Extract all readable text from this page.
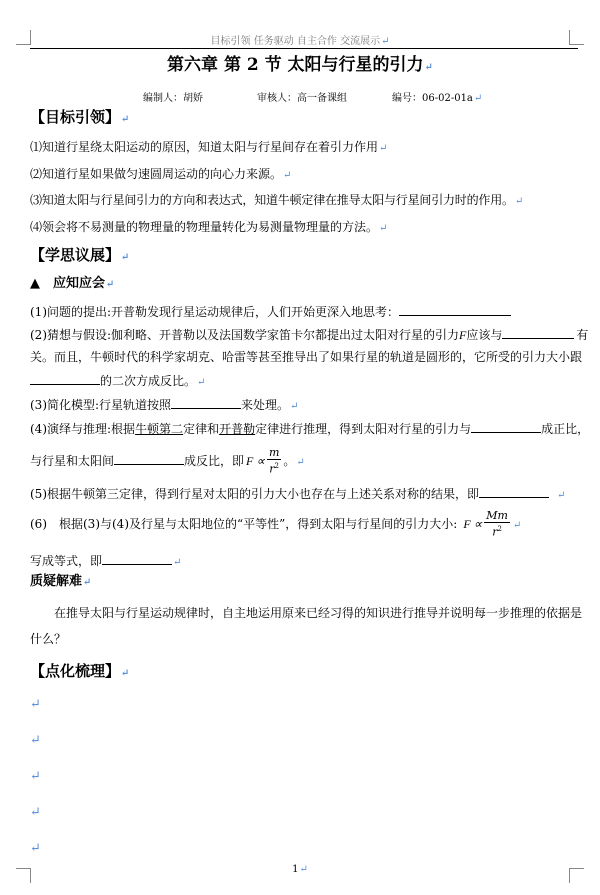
目标引领 任务驱动 自主合作 交流展示 ↵
第六章 第 2 节 太阳与行星的引力 ↵
编制人：胡娇	审核人：高一备课组	编号：06-02-01a ↵
【目标引领】 ↵
⑴知道行星绕太阳运动的原因，知道太阳与行星间存在着引力作用 ↵
⑵知道行星如果做匀速圆周运动的向心力来源。 ↵
⑶知道太阳与行星间引力的方向和表达式，知道牛顿定律在推导太阳与行星间引力时的作用。 ↵
⑷领会将不易测量的物理量的物理量转化为易测量物理量的方法。 ↵
【学思议展】 ↵
▲　应知应会 ↵
(1)问题的提出:开普勒发现行星运动规律后，人们开始更深入地思考：
(2)猜想与假设:伽利略、开普勒以及法国数学家笛卡尔都提出过太阳对行星的引力F应该与	有
关。而且，牛顿时代的科学家胡克、哈雷等甚至推导出了如果行星的轨道是圆形的，它所受的引力大小跟
的二次方成反比。 ↵
(3)简化模型:行星轨道按照	来处理。 ↵
(4)演绎与推理:根据牛顿第二定律和开普勒定律进行推理，得到太阳对行星的引力与	成正比，
与行星和太阳间	成反比，即 $F \propto \frac{m}{r^2}$ 。 ↵
(5)根据牛顿第三定律，得到行星对太阳的引力大小也存在与上述关系对称的结果，即 ↵
(6)　根据(3)与(4)及行星与太阳地位的“平等性”，得到太阳与行星间的引力大小: $F \propto \frac{Mm}{r^2}$
↵
写成等式，即 ↵
质疑解难 ↵
在推导太阳与行星运动规律时，自主地运用原来已经习得的知识进行推导并说明每一步推理的依据是
什么？
【点化梳理】 ↵
↵
↵
↵
↵
↵
1 ↵
